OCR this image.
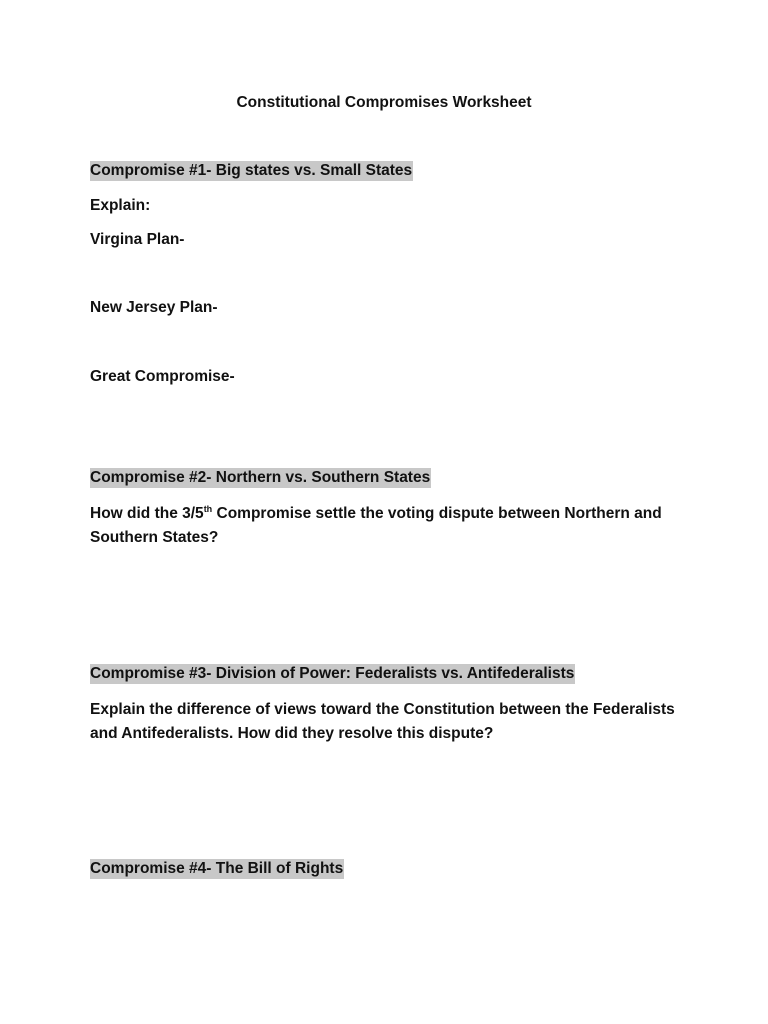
Constitutional Compromises Worksheet
Compromise #1- Big states vs. Small States
Explain:
Virgina Plan-
New Jersey Plan-
Great Compromise-
Compromise #2- Northern vs. Southern States
How did the 3/5th Compromise settle the voting dispute between Northern and Southern States?
Compromise #3- Division of Power: Federalists vs. Antifederalists
Explain the difference of views toward the Constitution between the Federalists and Antifederalists. How did they resolve this dispute?
Compromise #4- The Bill of Rights
